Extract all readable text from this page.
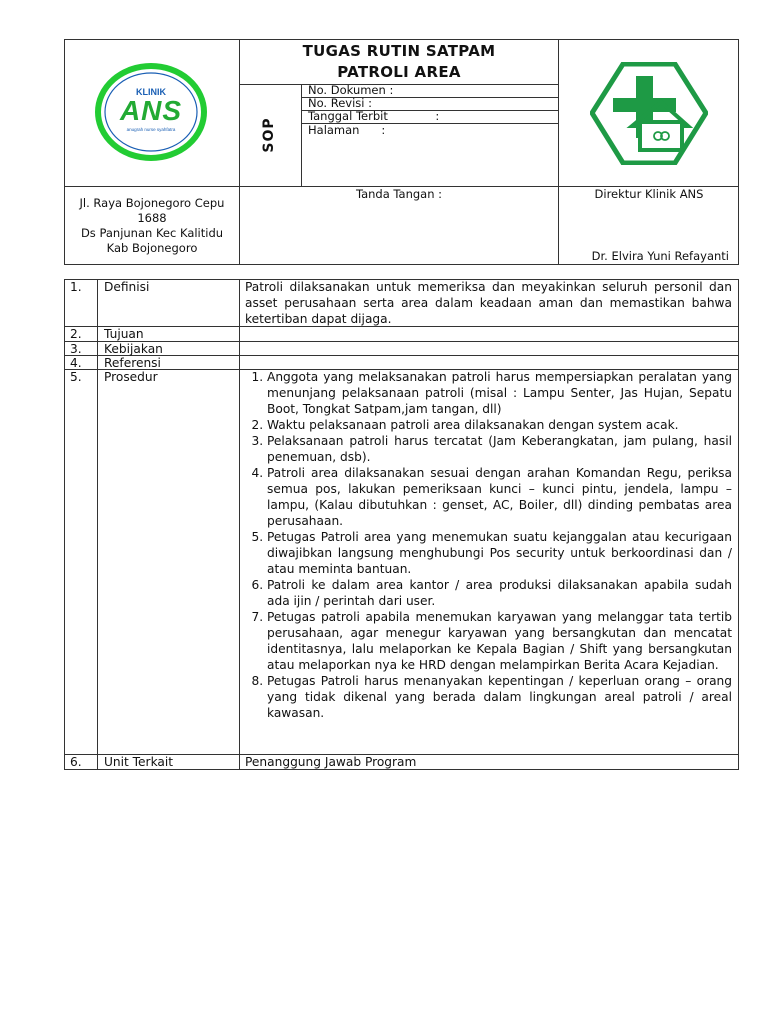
KLINIK
ANS
anugrah nurse syahfatra
TUGAS RUTIN SATPAM
PATROLI AREA
SOP
No. Dokumen :
No. Revisi :
Tanggal Terbit             :
Halaman      :
Jl. Raya Bojonegoro Cepu
1688
Ds Panjunan Kec Kalitidu
Kab Bojonegoro
Tanda Tangan :	Direktur Klinik ANS
Dr. Elvira Yuni Refayanti
1. Definisi	Patroli dilaksanakan untuk memeriksa dan meyakinkan seluruh personil dan asset perusahaan serta area dalam keadaan aman dan memastikan bahwa ketertiban dapat dijaga.
2. Tujuan
3. Kebijakan
4. Referensi
5. Prosedur
1.	Anggota yang melaksanakan patroli harus mempersiapkan peralatan yang menunjang pelaksanaan patroli (misal : Lampu Senter, Jas Hujan, Sepatu Boot, Tongkat Satpam,jam tangan, dll)
2. Waktu pelaksanaan patroli area dilaksanakan dengan system acak.
3. Pelaksanaan patroli harus tercatat (Jam Keberangkatan, jam pulang, hasil penemuan, dsb).
4. Patroli area dilaksanakan sesuai dengan arahan Komandan Regu, periksa semua pos, lakukan pemeriksaan kunci – kunci pintu, jendela, lampu – lampu, (Kalau dibutuhkan : genset, AC, Boiler, dll) dinding pembatas area perusahaan.
5. Petugas Patroli area yang menemukan suatu kejanggalan atau kecurigaan diwajibkan langsung menghubungi Pos security untuk berkoordinasi dan / atau meminta bantuan.
6. Patroli ke dalam area kantor / area produksi dilaksanakan apabila sudah ada ijin / perintah dari user.
7. Petugas patroli apabila menemukan karyawan yang melanggar tata tertib perusahaan, agar menegur karyawan yang bersangkutan dan mencatat identitasnya, lalu melaporkan ke Kepala Bagian / Shift yang bersangkutan atau melaporkan nya ke HRD dengan melampirkan Berita Acara Kejadian.
8. Petugas Patroli harus menanyakan kepentingan / keperluan orang – orang yang tidak dikenal yang berada dalam lingkungan areal patroli / areal kawasan.
6. Unit Terkait	Penanggung Jawab Program
